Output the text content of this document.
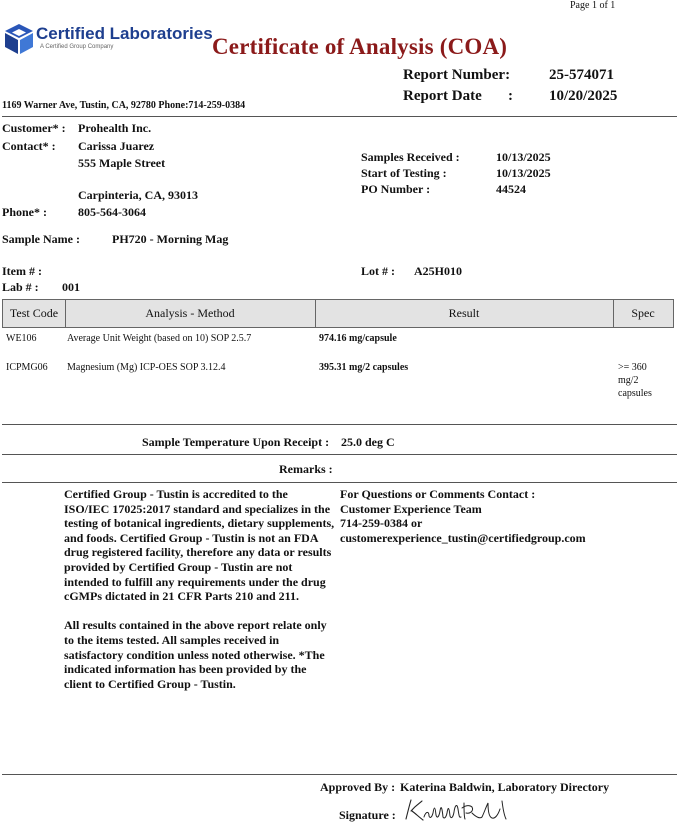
Page 1 of 1
Certified Laboratories
A Certified Group Company	Certificate of Analysis (COA)
Report Number:	25-574071
Report Date : 10/20/2025
1169 Warner Ave, Tustin, CA, 92780 Phone:714-259-0384
Customer* : Prohealth Inc.
Contact* : Carissa Juarez
555 Maple Street
Carpinteria, CA, 93013
Phone* :	805-564-3064
Samples Received :	10/13/2025
Start of Testing :	10/13/2025
PO Number :	44524
Sample Name :	PH720 - Morning Mag
Item # :	Lot # : A25H010
Lab # : 001
Test Code	Analysis - Method	Result	Spec
WE106	Average Unit Weight (based on 10) SOP 2.5.7	974.16 mg/capsule
ICPMG06 Magnesium (Mg) ICP-OES SOP 3.12.4	395.31 mg/2 capsules	>= 360
mg/2
capsules
Sample Temperature Upon Receipt : 25.0 deg C
Remarks :

Certified Group - Tustin is accredited to the ISO/IEC 17025:2017 standard and specializes in the testing of botanical ingredients, dietary supplements, and foods. Certified Group - Tustin is not an FDA drug registered facility, therefore any data or results provided by Certified Group - Tustin are not intended to fulfill any requirements under the drug cGMPs dictated in 21 CFR Parts 210 and 211.

All results contained in the above report relate only to the items tested. All samples received in satisfactory condition unless noted otherwise. *The indicated information has been provided by the client to Certified Group - Tustin.

For Questions or Comments Contact :
Customer Experience Team
714-259-0384 or
customerexperience_tustin@certifiedgroup.com
Approved By : Katerina Baldwin, Laboratory Directory
Signature :
